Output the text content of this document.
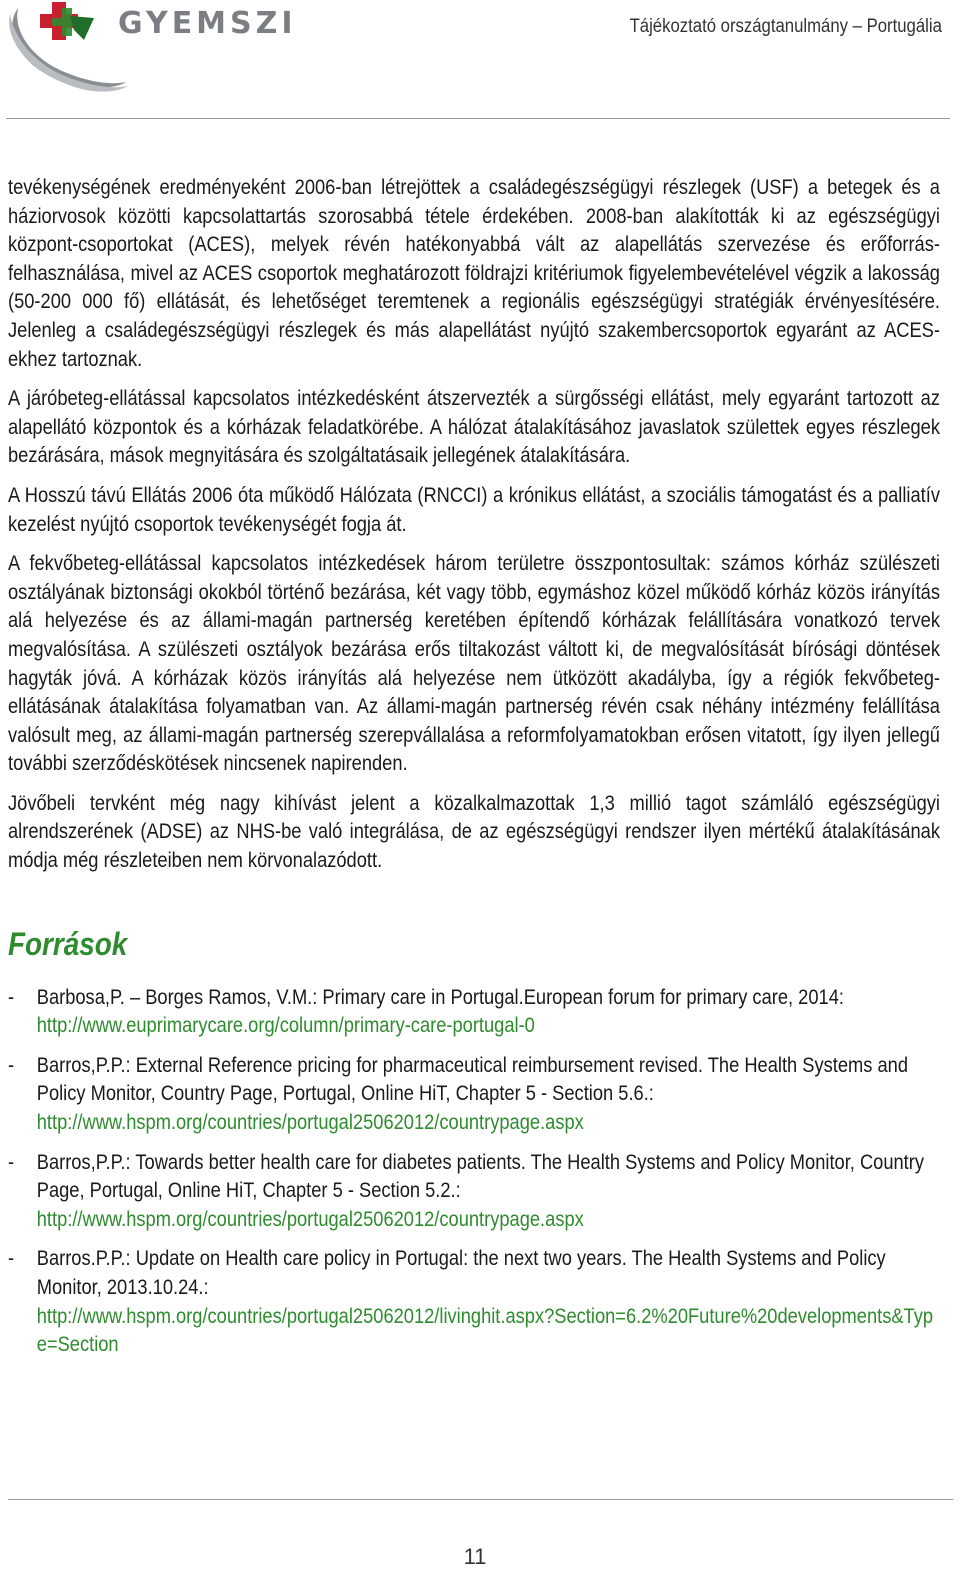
GYEMSZI	Tájékoztató országtanulmány – Portugália

tevékenységének eredményeként 2006-ban létrejöttek a családegészségügyi részlegek (USF) a betegek és a háziorvosok közötti kapcsolattartás szorosabbá tétele érdekében. 2008-ban alakították ki az egészségügyi központ-csoportokat (ACES), melyek révén hatékonyabbá vált az alapellátás szervezése és erőforrás-felhasználása, mivel az ACES csoportok meghatározott földrajzi kritériumok figyelembevételével végzik a lakosság (50-200 000 fő) ellátását, és lehetőséget teremtenek a regionális egészségügyi stratégiák érvényesítésére. Jelenleg a családegészségügyi részlegek és más alapellátást nyújtó szakembercsoportok egyaránt az ACES-ekhez tartoznak.

A járóbeteg-ellátással kapcsolatos intézkedésként átszervezték a sürgősségi ellátást, mely egyaránt tartozott az alapellátó központok és a kórházak feladatkörébe. A hálózat átalakításához javaslatok születtek egyes részlegek bezárására, mások megnyitására és szolgáltatásaik jellegének átalakítására.

A Hosszú távú Ellátás 2006 óta működő Hálózata (RNCCI) a krónikus ellátást, a szociális támogatást és a palliatív kezelést nyújtó csoportok tevékenységét fogja át.

A fekvőbeteg-ellátással kapcsolatos intézkedések három területre összpontosultak: számos kórház szülészeti osztályának biztonsági okokból történő bezárása, két vagy több, egymáshoz közel működő kórház közös irányítás alá helyezése és az állami-magán partnerség keretében építendő kórházak felállítására vonatkozó tervek megvalósítása. A szülészeti osztályok bezárása erős tiltakozást váltott ki, de megvalósítását bírósági döntések hagyták jóvá. A kórházak közös irányítás alá helyezése nem ütközött akadályba, így a régiók fekvőbeteg-ellátásának átalakítása folyamatban van. Az állami-magán partnerség révén csak néhány intézmény felállítása valósult meg, az állami-magán partnerség szerepvállalása a reformfolyamatokban erősen vitatott, így ilyen jellegű további szerződéskötések nincsenek napirenden.

Jövőbeli tervként még nagy kihívást jelent a közalkalmazottak 1,3 millió tagot számláló egészségügyi alrendszerének (ADSE) az NHS-be való integrálása, de az egészségügyi rendszer ilyen mértékű átalakításának módja még részleteiben nem körvonalazódott.

Források
- Barbosa,P. – Borges Ramos, V.M.: Primary care in Portugal.European forum for primary care, 2014:
http://www.euprimarycare.org/column/primary-care-portugal-0
- Barros,P.P.: External Reference pricing for pharmaceutical reimbursement revised. The Health Systems and Policy Monitor, Country Page, Portugal, Online HiT, Chapter 5 - Section 5.6.:
http://www.hspm.org/countries/portugal25062012/countrypage.aspx
- Barros,P.P.: Towards better health care for diabetes patients. The Health Systems and Policy Monitor, Country Page, Portugal, Online HiT, Chapter 5 - Section 5.2.:
http://www.hspm.org/countries/portugal25062012/countrypage.aspx
- Barros.P.P.: Update on Health care policy in Portugal: the next two years. The Health Systems and Policy Monitor, 2013.10.24.:
http://www.hspm.org/countries/portugal25062012/livinghit.aspx?Section=6.2%20Future%20developments&Type=Section
11
